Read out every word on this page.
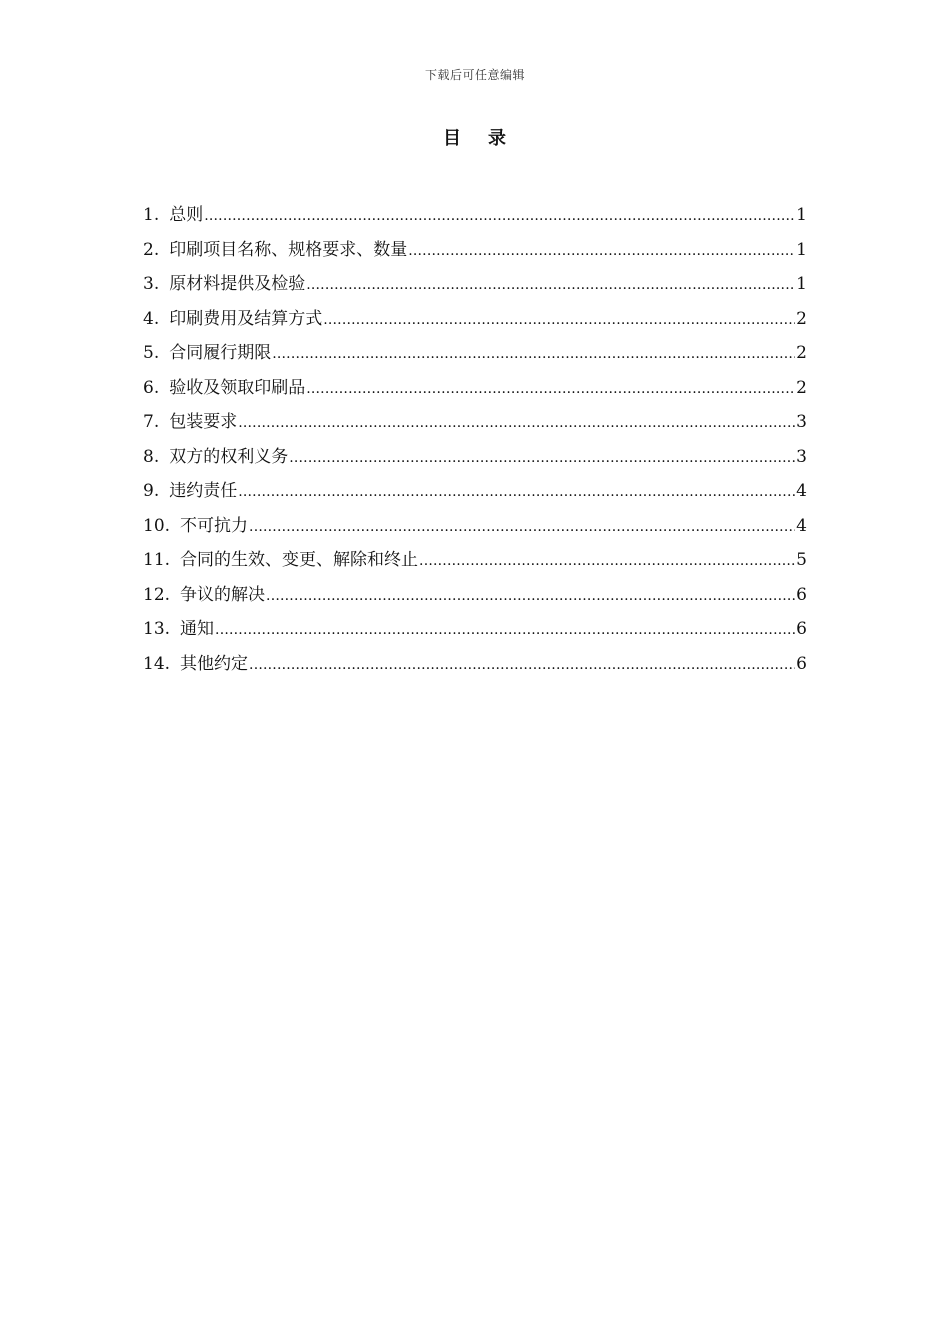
下载后可任意编辑
目 录
1. 总则 .....	1
2. 印刷项目名称、规格要求、数量 .....	1
3. 原材料提供及检验 .....	1
4. 印刷费用及结算方式 .....	2
5. 合同履行期限 .....	2
6. 验收及领取印刷品 .....	2
7. 包装要求 .....	3
8. 双方的权利义务 .....	3
9. 违约责任 .....	4
10. 不可抗力 .....	4
11. 合同的生效、变更、解除和终止 .....	5
12. 争议的解决 .....	6
13. 通知 .....	6
14. 其他约定 .....	6
